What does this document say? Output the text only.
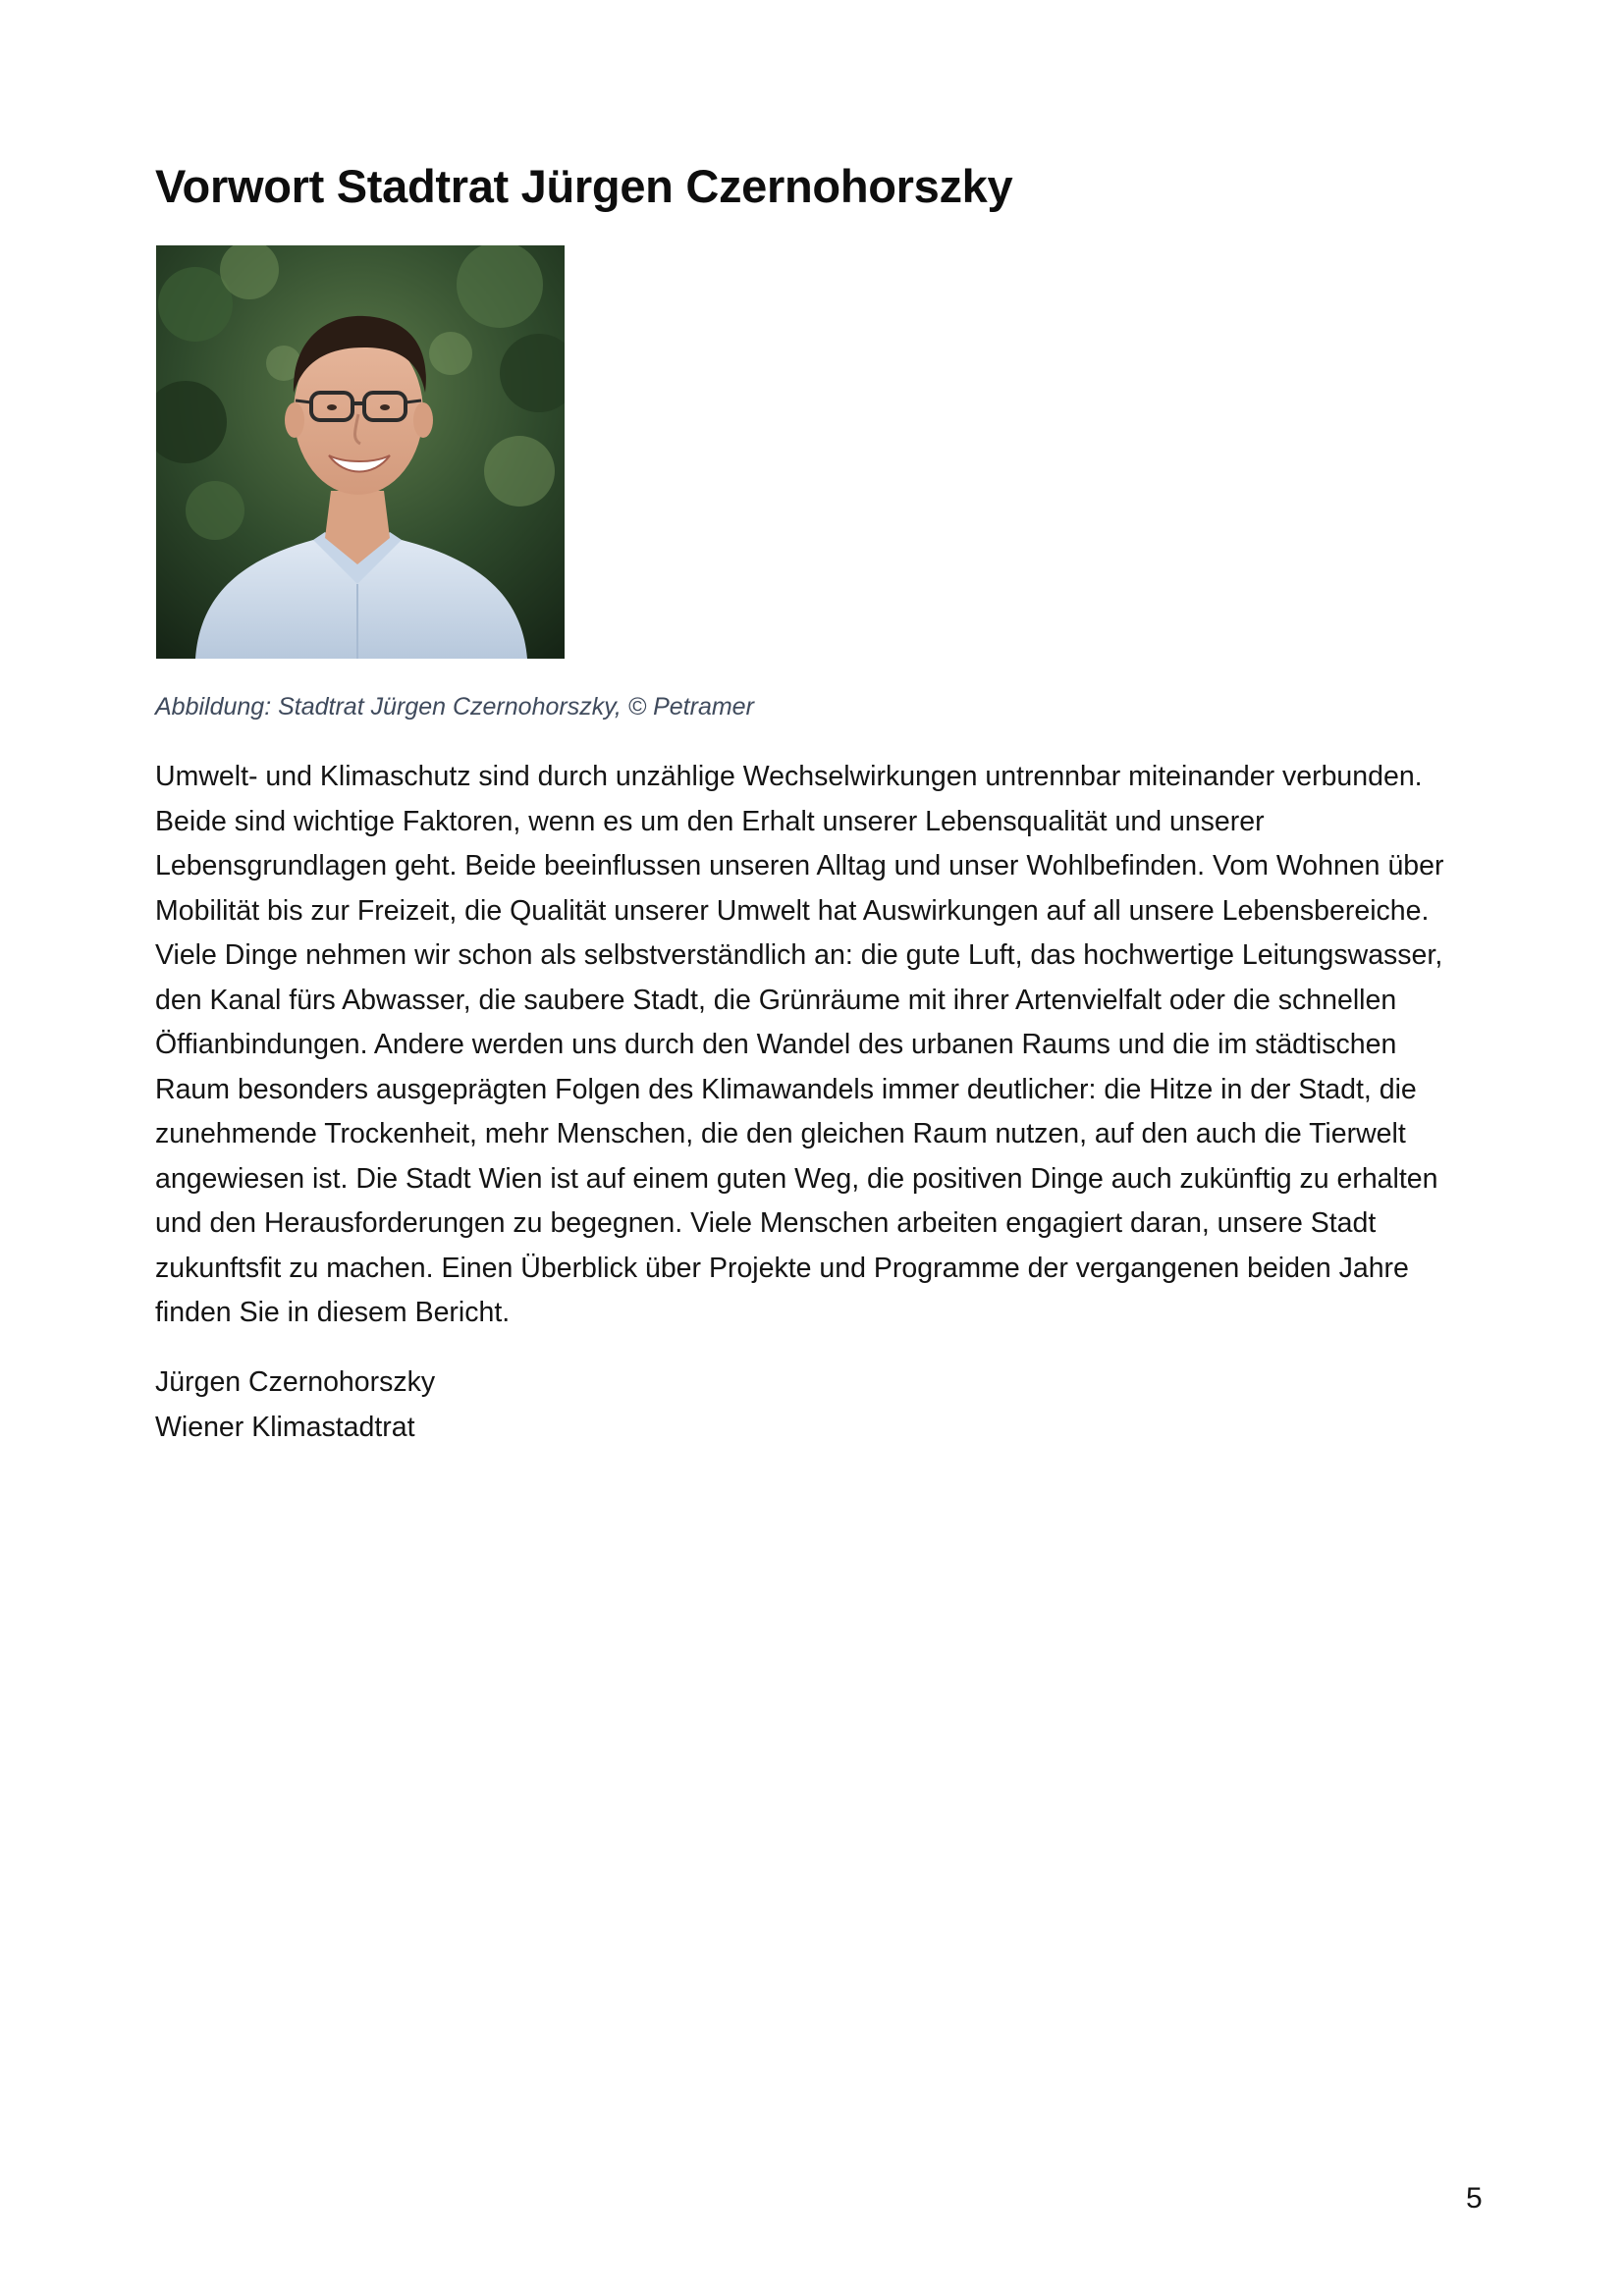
Vorwort Stadtrat Jürgen Czernohorszky

Abbildung: Stadtrat Jürgen Czernohorszky, © Petramer

Umwelt- und Klimaschutz sind durch unzählige Wechselwirkungen untrennbar miteinander verbunden.
Beide sind wichtige Faktoren, wenn es um den Erhalt unserer Lebensqualität und unserer
Lebensgrundlagen geht. Beide beeinflussen unseren Alltag und unser Wohlbefinden. Vom Wohnen über
Mobilität bis zur Freizeit, die Qualität unserer Umwelt hat Auswirkungen auf all unsere Lebensbereiche.
Viele Dinge nehmen wir schon als selbstverständlich an: die gute Luft, das hochwertige Leitungswasser,
den Kanal fürs Abwasser, die saubere Stadt, die Grünräume mit ihrer Artenvielfalt oder die schnellen
Öffianbindungen. Andere werden uns durch den Wandel des urbanen Raums und die im städtischen
Raum besonders ausgeprägten Folgen des Klimawandels immer deutlicher: die Hitze in der Stadt, die
zunehmende Trockenheit, mehr Menschen, die den gleichen Raum nutzen, auf den auch die Tierwelt
angewiesen ist. Die Stadt Wien ist auf einem guten Weg, die positiven Dinge auch zukünftig zu erhalten
und den Herausforderungen zu begegnen. Viele Menschen arbeiten engagiert daran, unsere Stadt
zukunftsfit zu machen. Einen Überblick über Projekte und Programme der vergangenen beiden Jahre
finden Sie in diesem Bericht.

Jürgen Czernohorszky
Wiener Klimastadtrat

5
